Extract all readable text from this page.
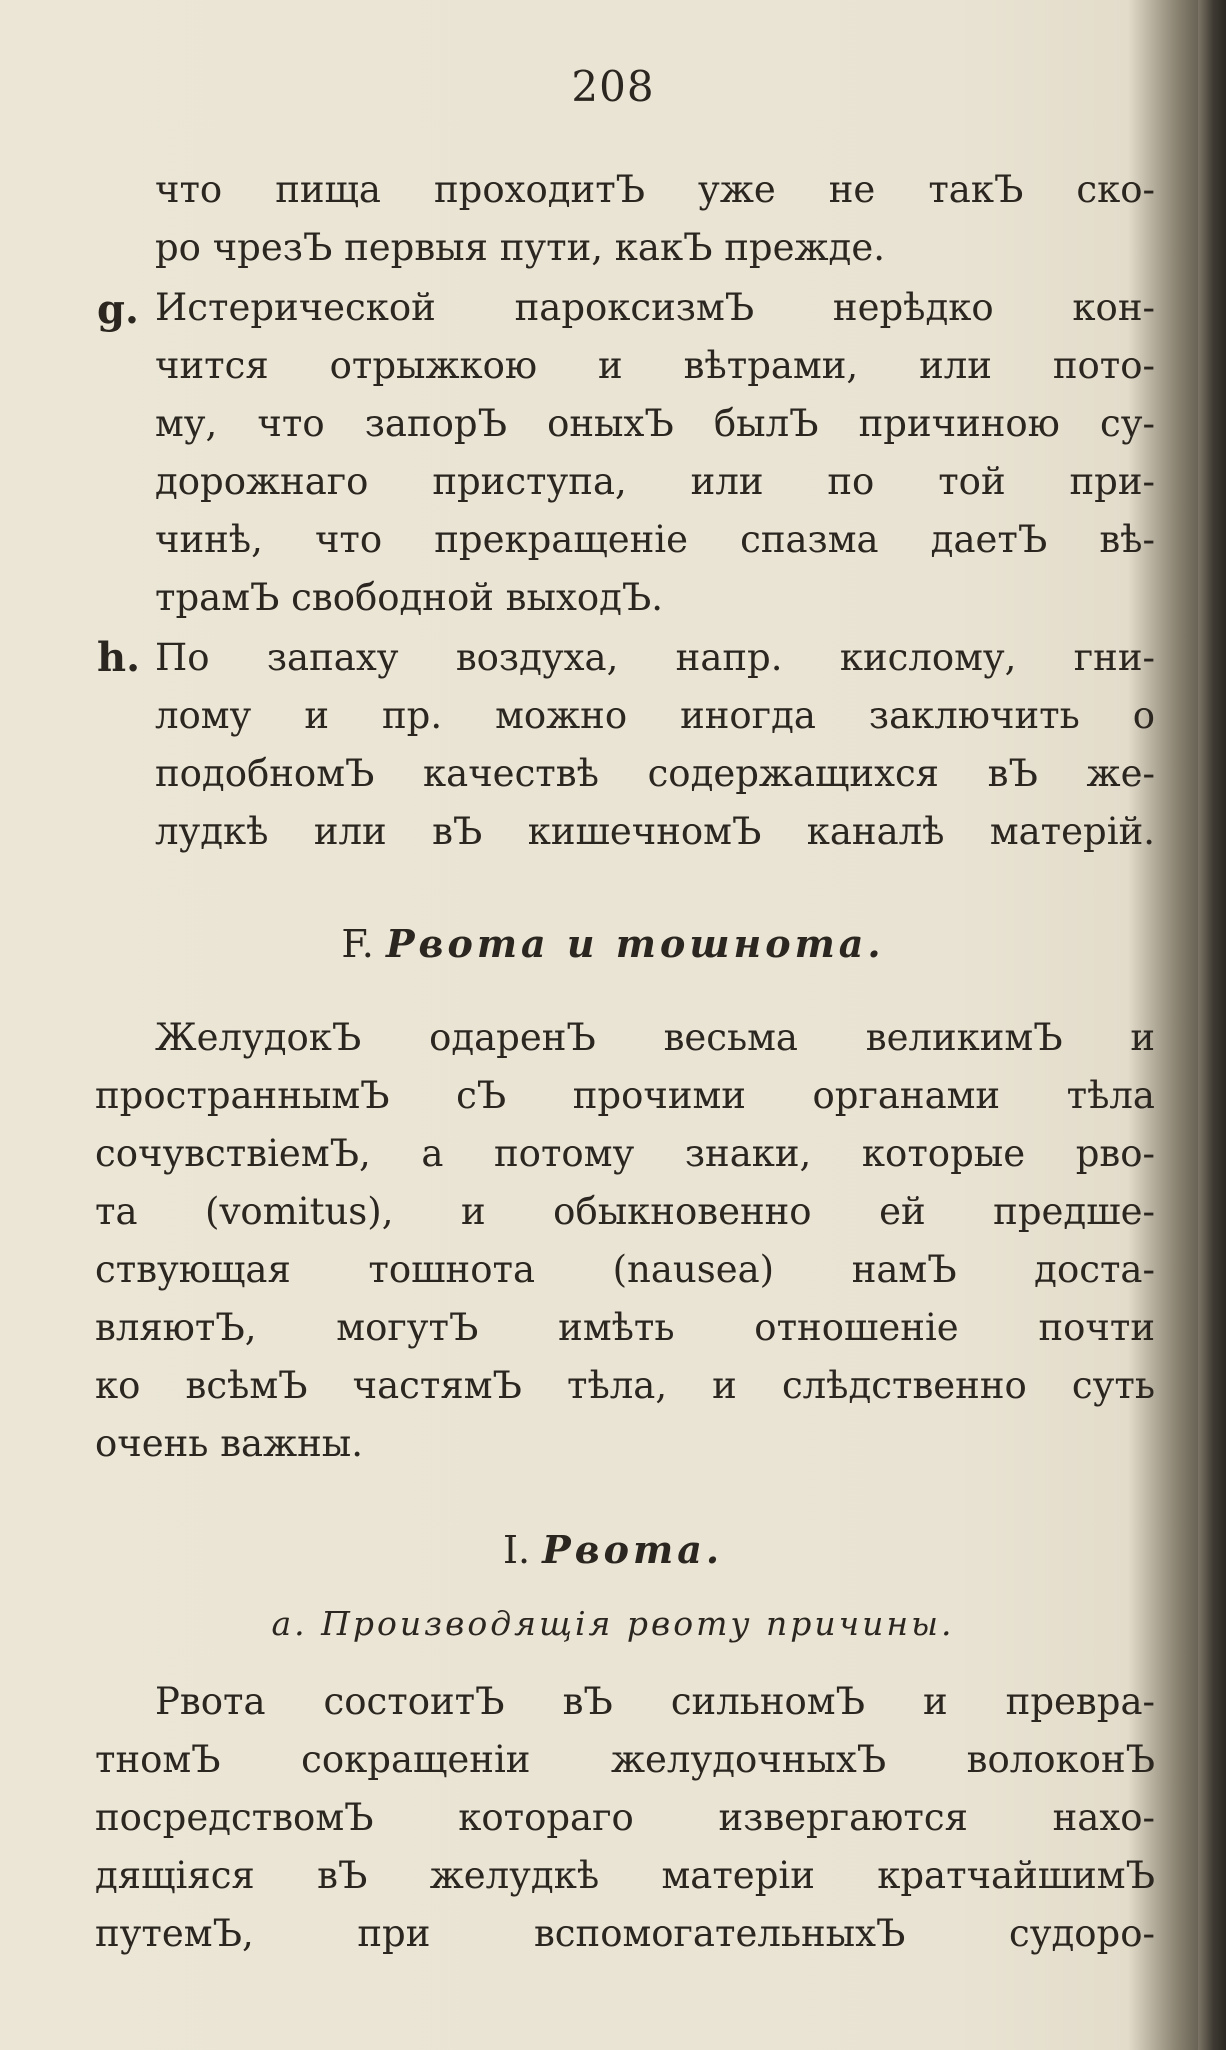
208
что пища проходитЪ уже не такЪ ско-
ро чрезЪ первыя пути, какЪ прежде.
g. Истерической пароксизмЪ нерѣдко кон-
чится отрыжкою и вѣтрами, или пото-
му, что запорЪ оныхЪ былЪ причиною су-
дорожнаго приступа, или по той при-
чинѣ, что прекращеніе спазма даетЪ вѣ-
трамЪ свободной выходЪ.
h. По запаху воздуха, напр. кислому, гни-
лому и пр. можно иногда заключить о
подобномЪ качествѣ содержащихся вЪ же-
лудкѣ или вЪ кишечномЪ каналѣ матерій.
F. Рвота и тошнота.
ЖелудокЪ одаренЪ весьма великимЪ и
пространнымЪ сЪ прочими органами тѣла
сочувствіемЪ, а потому знаки, которые рво-
та (vomitus), и обыкновенно ей предше-
ствующая тошнота (nausea) намЪ доста-
вляютЪ, могутЪ имѣть отношеніе почти
ко всѣмЪ частямЪ тѣла, и слѣдственно суть
очень важны.
I. Рвота.
a. Производящія рвоту причины.
Рвота состоитЪ вЪ сильномЪ и превра-
тномЪ сокращеніи желудочныхЪ волоконЪ
посредствомЪ котораго извергаются нахо-
дящіяся вЪ желудкѣ матеріи кратчайшимЪ
путемЪ, при вспомогательныхЪ судоро-
